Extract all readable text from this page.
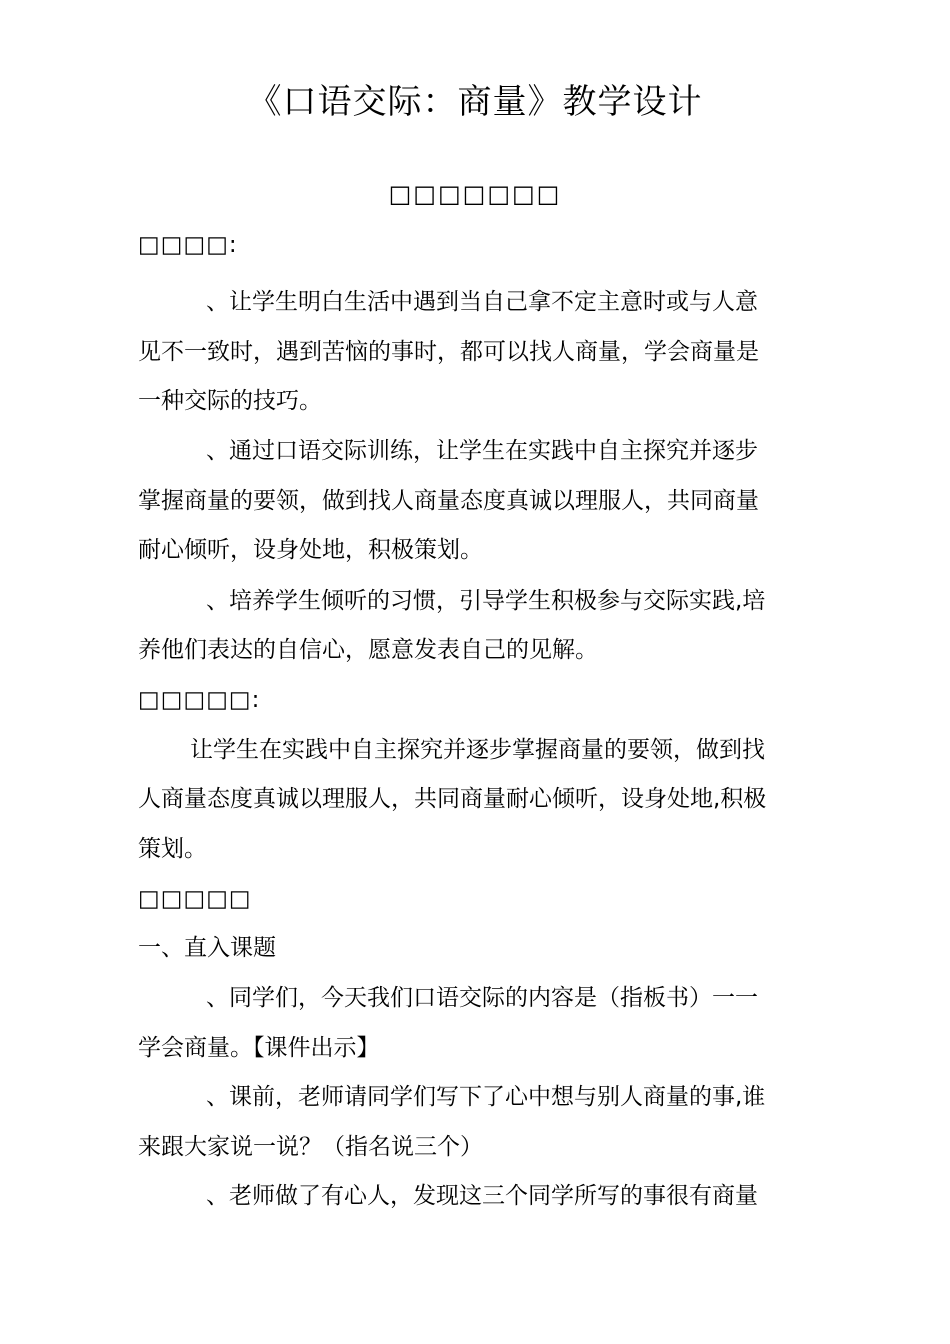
《口语交际：商量》教学设计
□□□□□□□
□□□□:
、让学生明白生活中遇到当自己拿不定主意时或与人意
见不一致时，遇到苦恼的事时，都可以找人商量，学会商量是
一种交际的技巧。
、通过口语交际训练，让学生在实践中自主探究并逐步
掌握商量的要领，做到找人商量态度真诚以理服人，共同商量
耐心倾听，设身处地，积极策划。
、培养学生倾听的习惯，引导学生积极参与交际实践,培
养他们表达的自信心，愿意发表自己的见解。
□□□□□:
让学生在实践中自主探究并逐步掌握商量的要领，做到找
人商量态度真诚以理服人，共同商量耐心倾听，设身处地,积极
策划。
□□□□□
一、直入课题
、同学们，今天我们口语交际的内容是（指板书）一一
学会商量。【课件出示】
、课前，老师请同学们写下了心中想与别人商量的事,谁
来跟大家说一说？（指名说三个）
、老师做了有心人，发现这三个同学所写的事很有商量
